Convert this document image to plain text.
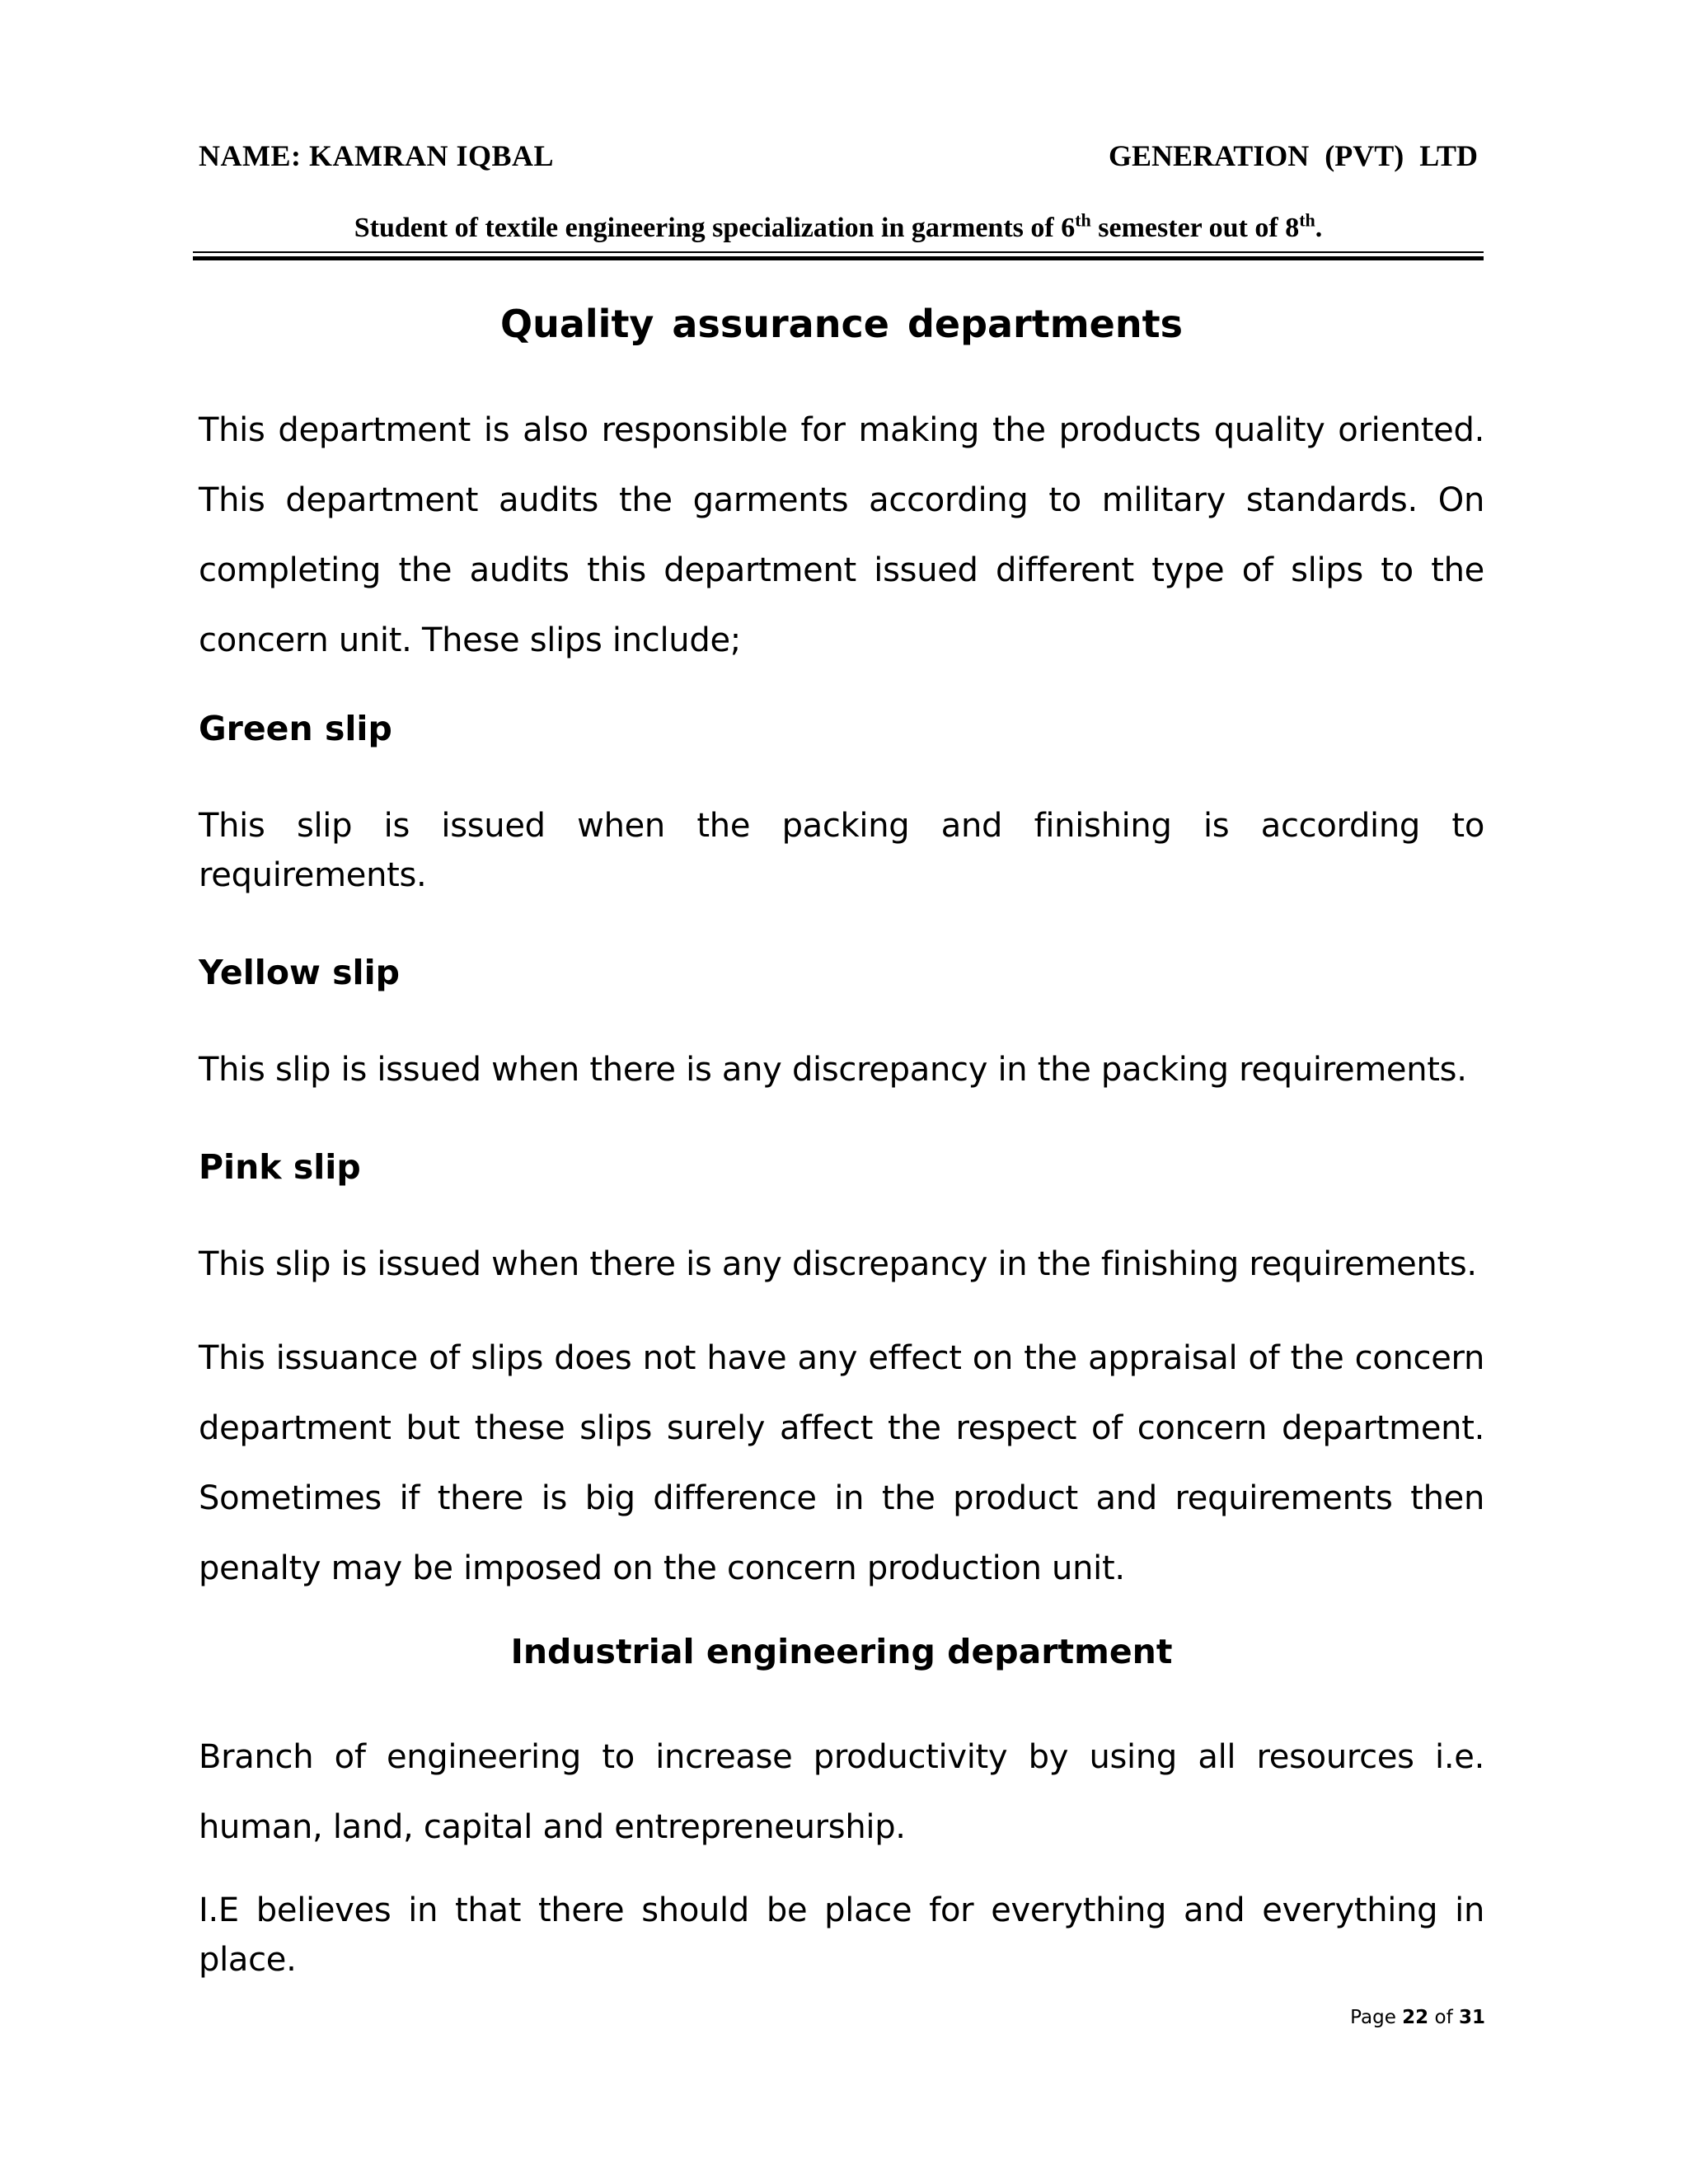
NAME: KAMRAN IQBAL	GENERATION (PVT) LTD
Student of textile engineering specialization in garments of 6th semester out of 8th.
Quality assurance departments

This department is also responsible for making the products quality oriented. This department audits the garments according to military standards. On completing the audits this department issued different type of slips to the concern unit. These slips include;

Green slip

This slip is issued when the packing and finishing is according to requirements.

Yellow slip

This slip is issued when there is any discrepancy in the packing requirements.

Pink slip

This slip is issued when there is any discrepancy in the finishing requirements.

This issuance of slips does not have any effect on the appraisal of the concern department but these slips surely affect the respect of concern department. Sometimes if there is big difference in the product and requirements then penalty may be imposed on the concern production unit.

Industrial engineering department

Branch of engineering to increase productivity by using all resources i.e. human, land, capital and entrepreneurship.

I.E believes in that there should be place for everything and everything in place.

Page 22 of 31
